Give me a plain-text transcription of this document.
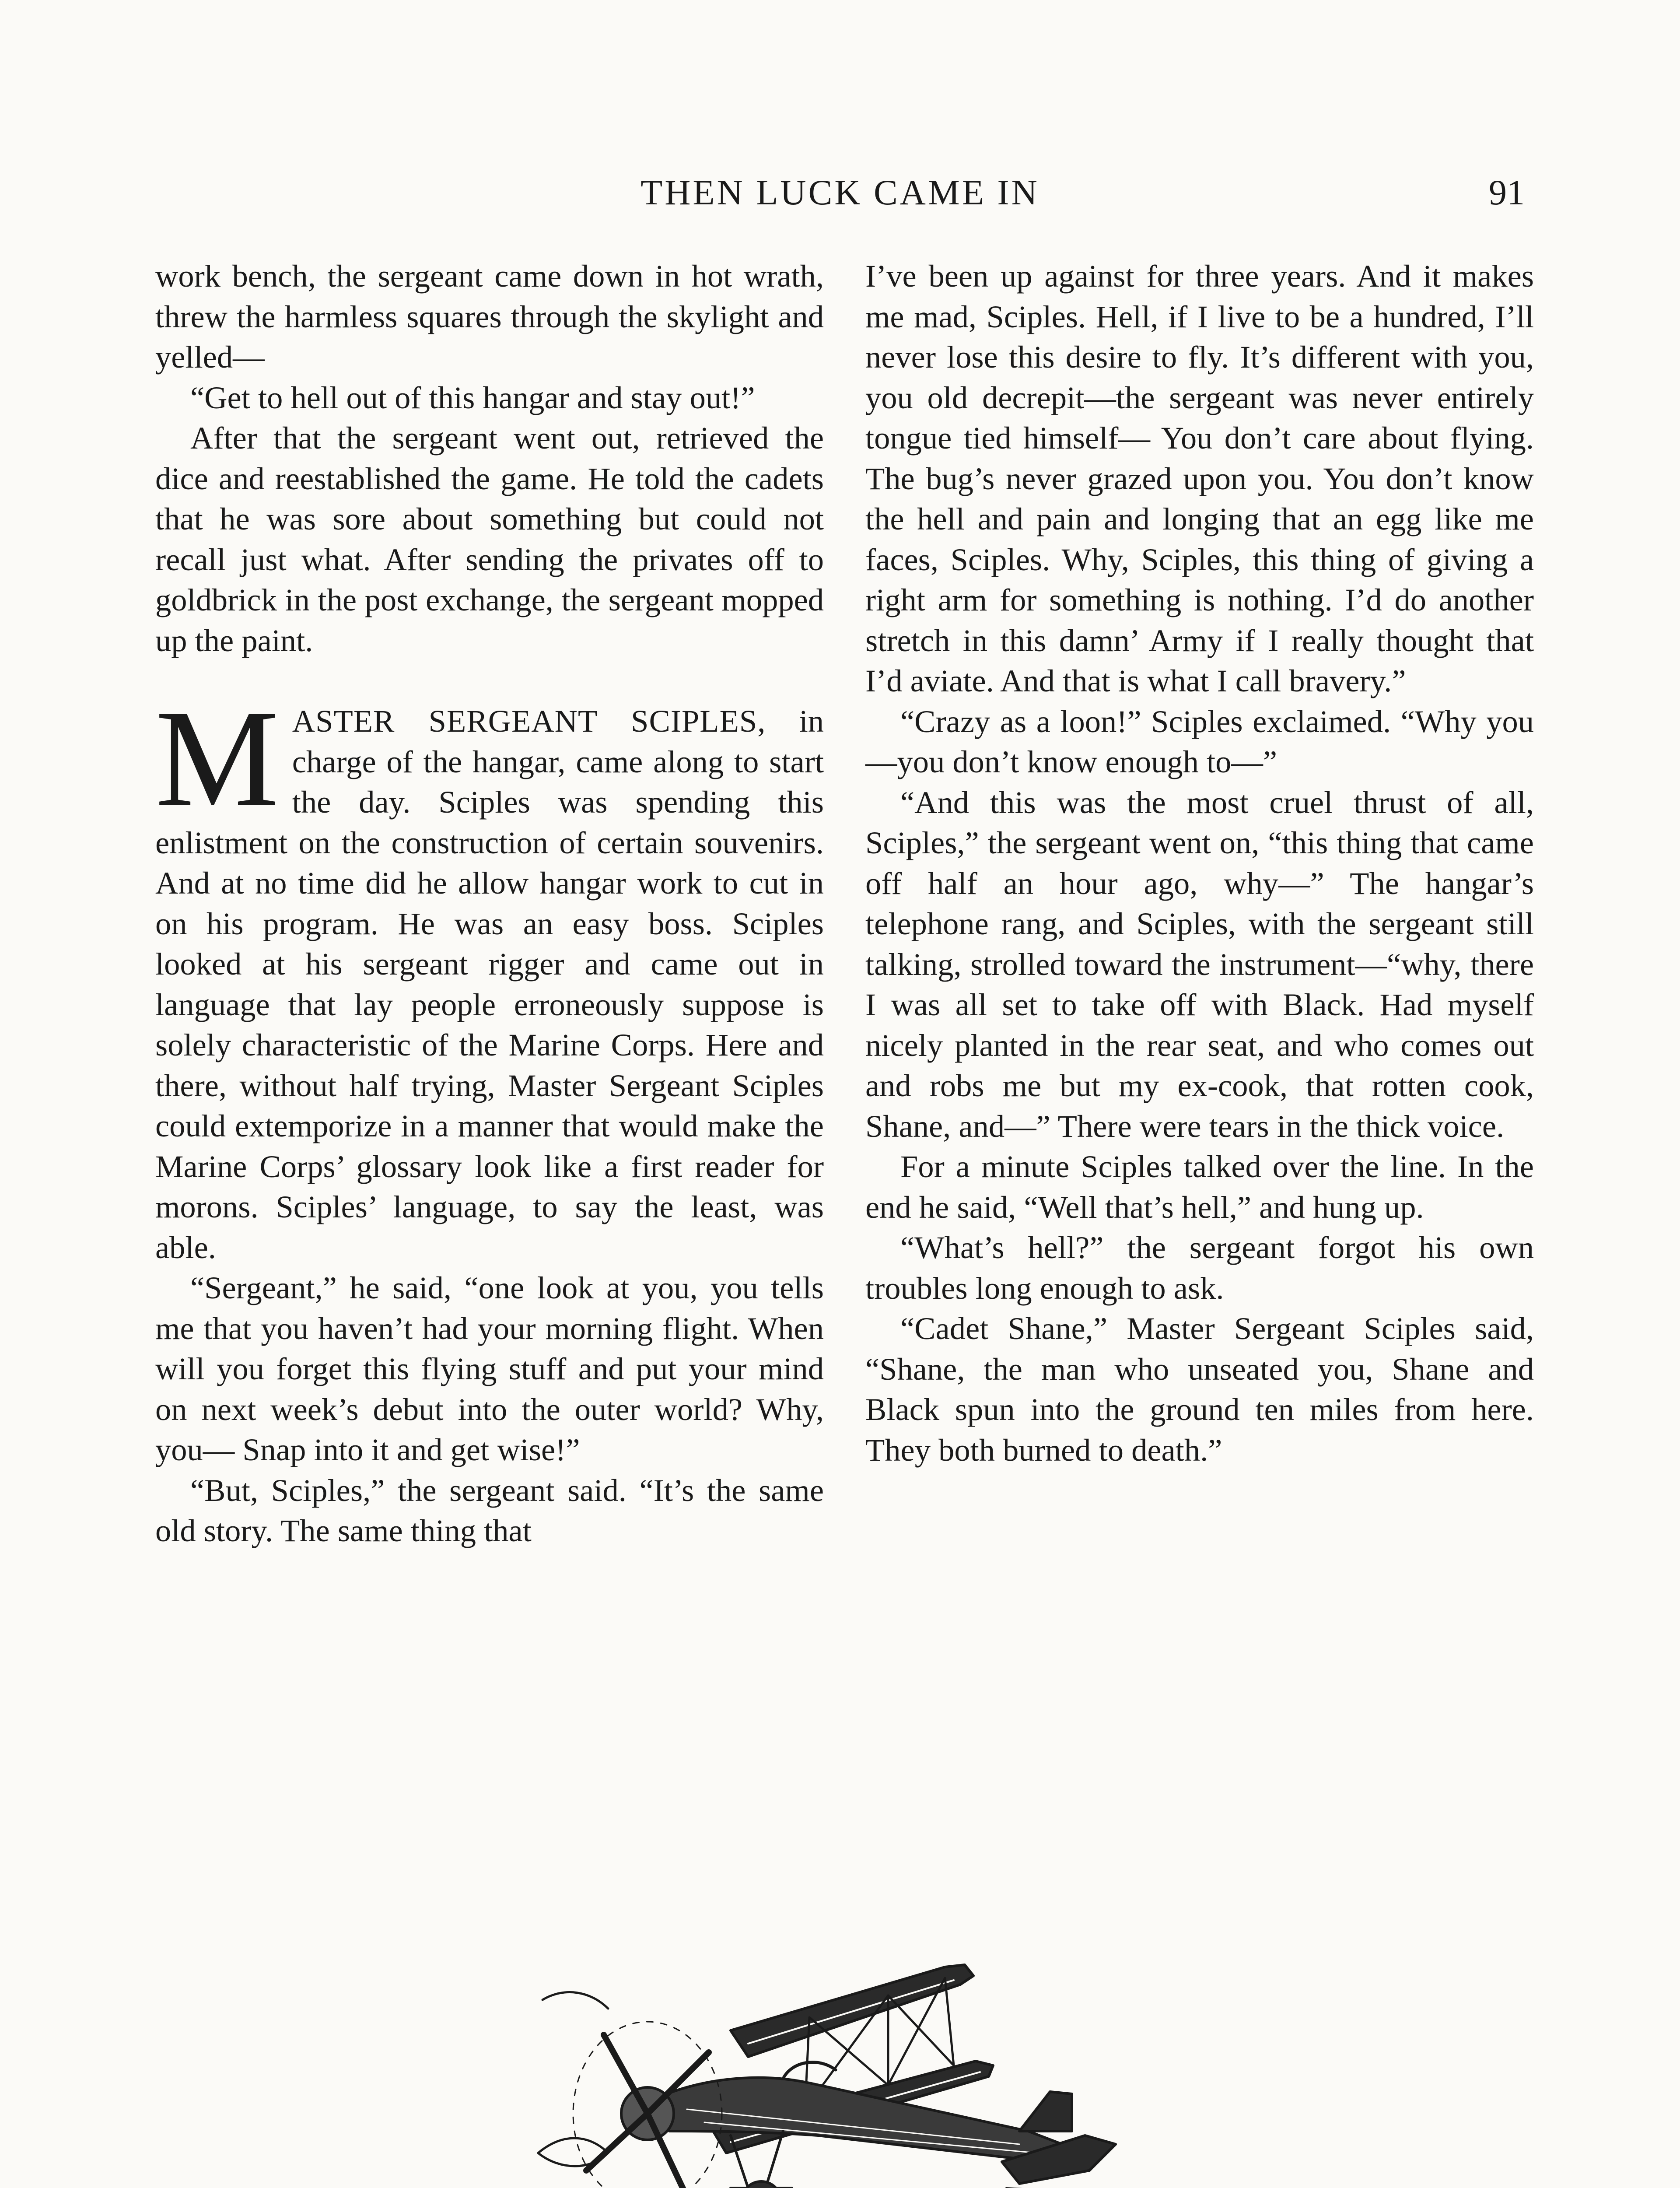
THEN LUCK CAME IN	91

work bench, the sergeant came down in hot wrath, threw the harmless squares through the skylight and yelled—

“Get to hell out of this hangar and stay out!”

After that the sergeant went out, retrieved the dice and reestablished the game. He told the cadets that he was sore about something but could not recall just what. After sending the privates off to goldbrick in the post exchange, the sergeant mopped up the paint.

MASTER SERGEANT SCIPLES, in charge of the hangar, came along to start the day. Sciples was spending this enlistment on the construction of certain souvenirs. And at no time did he allow hangar work to cut in on his program. He was an easy boss. Sciples looked at his sergeant rigger and came out in language that lay people erroneously suppose is solely characteristic of the Marine Corps. Here and there, without half trying, Master Sergeant Sciples could extemporize in a manner that would make the Marine Corps’ glossary look like a first reader for morons. Sciples’ language, to say the least, was able.

“Sergeant,” he said, “one look at you, you tells me that you haven’t had your morning flight. When will you forget this flying stuff and put your mind on next week’s debut into the outer world? Why, you— Snap into it and get wise!”

“But, Sciples,” the sergeant said. “It’s the same old story. The same thing that

I’ve been up against for three years. And it makes me mad, Sciples. Hell, if I live to be a hundred, I’ll never lose this desire to fly. It’s different with you, you old decrepit—the sergeant was never entirely tongue tied himself— You don’t care about flying. The bug’s never grazed upon you. You don’t know the hell and pain and longing that an egg like me faces, Sciples. Why, Sciples, this thing of giving a right arm for something is nothing. I’d do another stretch in this damn’ Army if I really thought that I’d aviate. And that is what I call bravery.”

“Crazy as a loon!” Sciples exclaimed. “Why you—you don’t know enough to—”

“And this was the most cruel thrust of all, Sciples,” the sergeant went on, “this thing that came off half an hour ago, why—” The hangar’s telephone rang, and Sciples, with the sergeant still talking, strolled toward the instrument—“why, there I was all set to take off with Black. Had myself nicely planted in the rear seat, and who comes out and robs me but my ex-cook, that rotten cook, Shane, and—” There were tears in the thick voice.

For a minute Sciples talked over the line. In the end he said, “Well that’s hell,” and hung up.

“What’s hell?” the sergeant forgot his own troubles long enough to ask.

“Cadet Shane,” Master Sergeant Sciples said, “Shane, the man who unseated you, Shane and Black spun into the ground ten miles from here. They both burned to death.”
